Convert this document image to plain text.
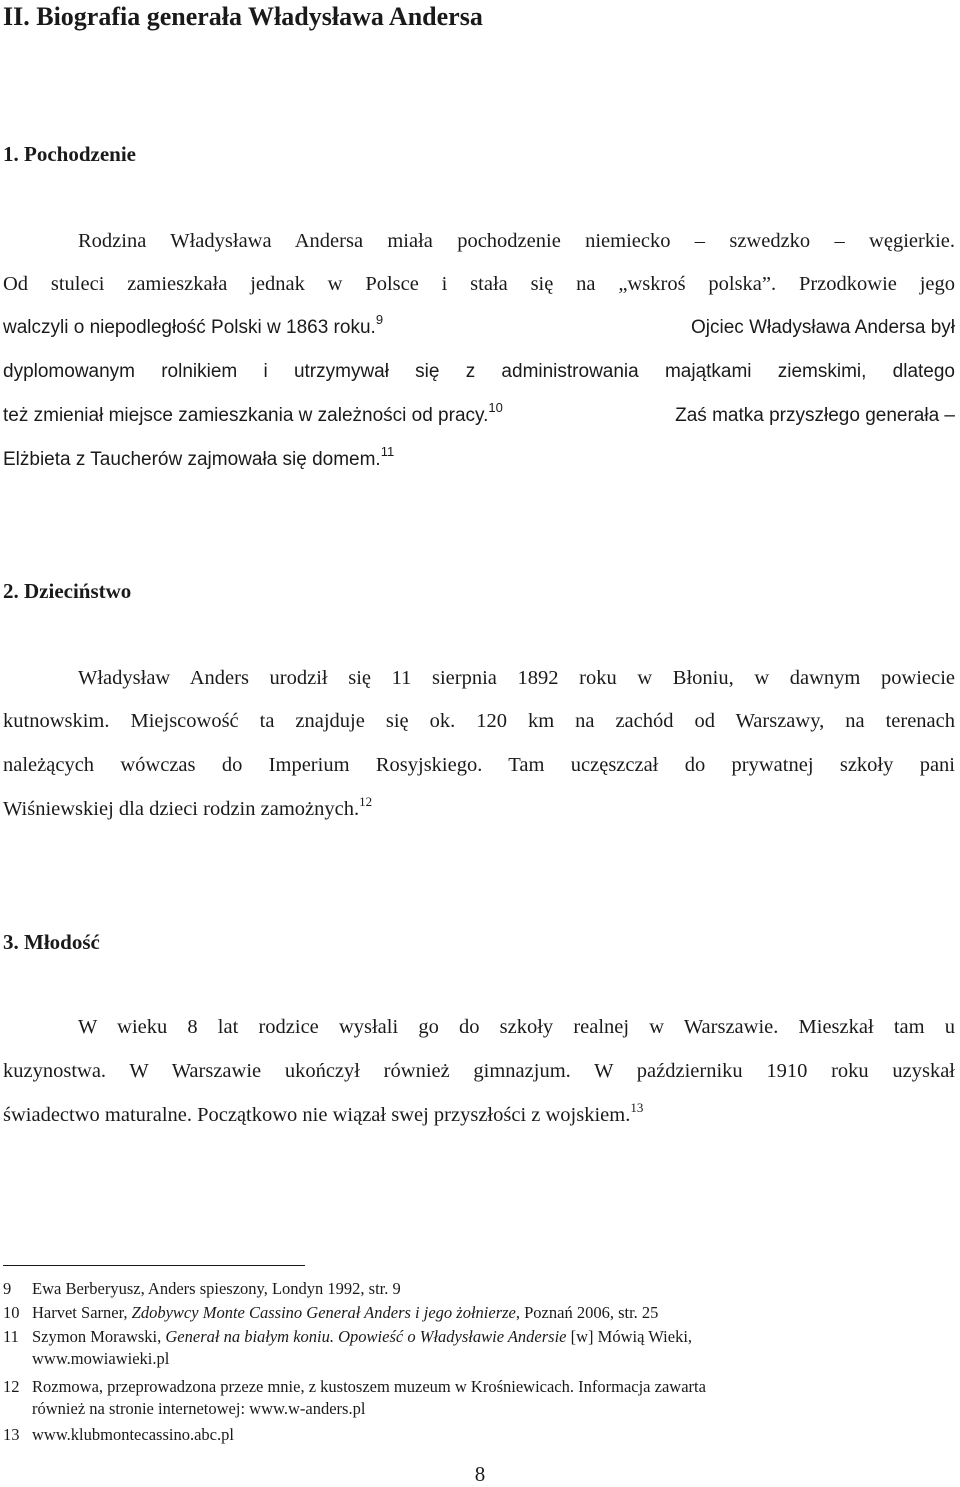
II. Biografia generała Władysława Andersa
1. Pochodzenie
Rodzina Władysława Andersa miała pochodzenie niemiecko – szwedzko – węgierkie.
Od stuleci zamieszkała jednak w Polsce i stała się na „wskroś polska”. Przodkowie jego
walczyli o niepodległość Polski w 1863 roku.$^9$	Ojciec Władysława Andersa był
dyplomowanym rolnikiem i utrzymywał się z administrowania majątkami ziemskimi, dlatego
też zmieniał miejsce zamieszkania w zależności od pracy.$^{10}$	Zaś matka przyszłego generała –
Elżbieta z Taucherów zajmowała się domem.$^{11}$
2. Dzieciństwo
Władysław Anders urodził się 11 sierpnia 1892 roku w Błoniu, w dawnym powiecie
kutnowskim. Miejscowość ta znajduje się ok. 120 km na zachód od Warszawy, na terenach
należących wówczas do Imperium Rosyjskiego. Tam uczęszczał do prywatnej szkoły pani
Wiśniewskiej dla dzieci rodzin zamożnych.$^{12}$
3. Młodość
W wieku 8 lat rodzice wysłali go do szkoły realnej w Warszawie. Mieszkał tam u
kuzynostwa. W Warszawie ukończył również gimnazjum. W październiku 1910 roku uzyskał
świadectwo maturalne. Początkowo nie wiązał swej przyszłości z wojskiem.$^{13}$
9 Ewa Berberyusz, Anders spieszony, Londyn 1992, str. 9
10 Harvet Sarner, Zdobywcy Monte Cassino Generał Anders i jego żołnierze, Poznań 2006, str. 25
11 Szymon Morawski, Generał na białym koniu. Opowieść o Władysławie Andersie [w] Mówią Wieki,
www.mowiawieki.pl
12 Rozmowa, przeprowadzona przeze mnie, z kustoszem muzeum w Krośniewicach. Informacja zawarta
również na stronie internetowej: www.w-anders.pl
13 www.klubmontecassino.abc.pl
8
